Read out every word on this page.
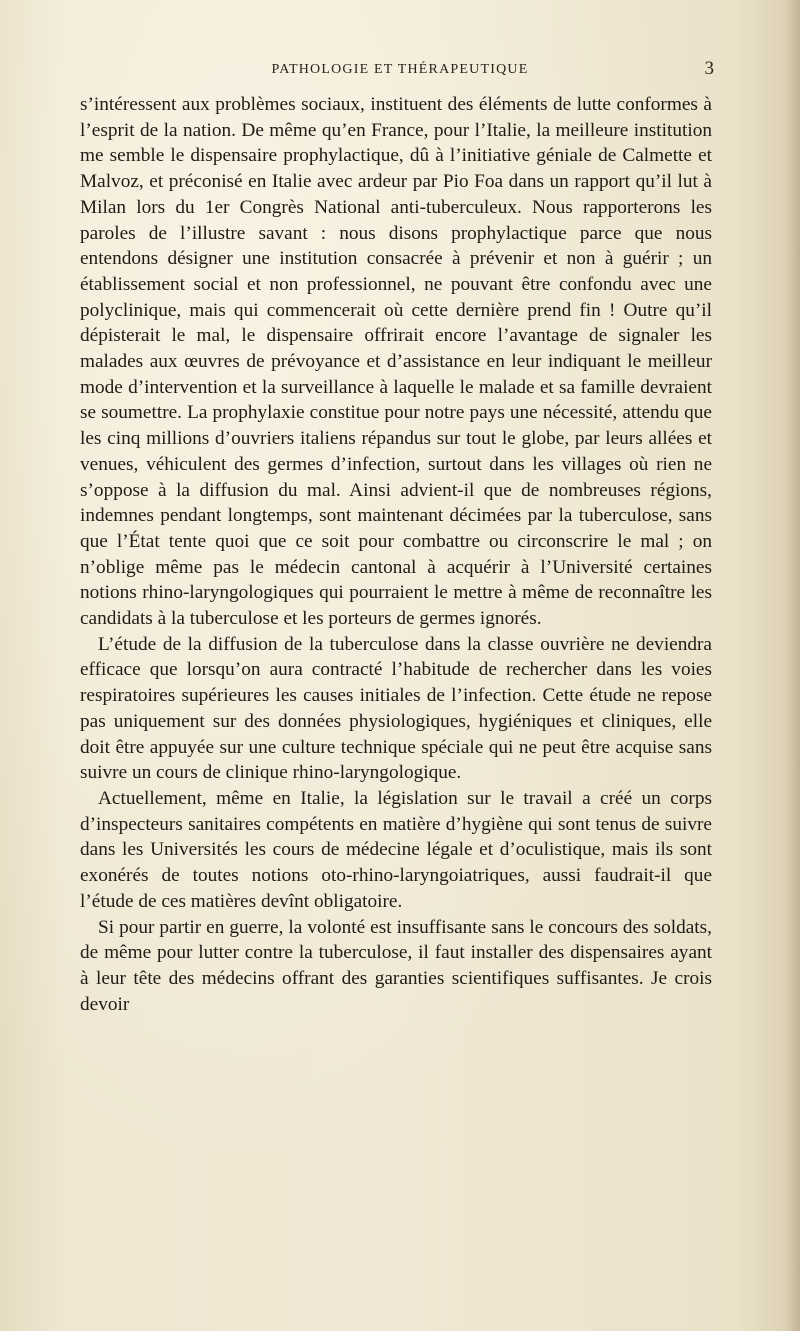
PATHOLOGIE ET THÉRAPEUTIQUE	3

s’intéressent aux problèmes sociaux, instituent des éléments de lutte conformes à l’esprit de la nation. De même qu’en France, pour l’Italie, la meilleure institution me semble le dispensaire prophylactique, dû à l’initiative géniale de Calmette et Malvoz, et préconisé en Italie avec ardeur par Pio Foa dans un rapport qu’il lut à Milan lors du 1er Congrès National anti-tuberculeux. Nous rapporterons les paroles de l’illustre savant : nous disons prophylactique parce que nous entendons désigner une institution consacrée à prévenir et non à guérir ; un établissement social et non professionnel, ne pouvant être confondu avec une polyclinique, mais qui commencerait où cette dernière prend fin ! Outre qu’il dépisterait le mal, le dispensaire offrirait encore l’avantage de signaler les malades aux œuvres de prévoyance et d’assistance en leur indiquant le meilleur mode d’intervention et la surveillance à laquelle le malade et sa famille devraient se soumettre. La prophylaxie constitue pour notre pays une nécessité, attendu que les cinq millions d’ouvriers italiens répandus sur tout le globe, par leurs allées et venues, véhiculent des germes d’infection, surtout dans les villages où rien ne s’oppose à la diffusion du mal. Ainsi advient-il que de nombreuses régions, indemnes pendant longtemps, sont maintenant décimées par la tuberculose, sans que l’État tente quoi que ce soit pour combattre ou circonscrire le mal ; on n’oblige même pas le médecin cantonal à acquérir à l’Université certaines notions rhino-laryngologiques qui pourraient le mettre à même de reconnaître les candidats à la tuberculose et les porteurs de germes ignorés.

L’étude de la diffusion de la tuberculose dans la classe ouvrière ne deviendra efficace que lorsqu’on aura contracté l’habitude de rechercher dans les voies respiratoires supérieures les causes initiales de l’infection. Cette étude ne repose pas uniquement sur des données physiologiques, hygiéniques et cliniques, elle doit être appuyée sur une culture technique spéciale qui ne peut être acquise sans suivre un cours de clinique rhino-laryngologique.

Actuellement, même en Italie, la législation sur le travail a créé un corps d’inspecteurs sanitaires compétents en matière d’hygiène qui sont tenus de suivre dans les Universités les cours de médecine légale et d’oculistique, mais ils sont exonérés de toutes notions oto-rhino-laryngoiatriques, aussi faudrait-il que l’étude de ces matières devînt obligatoire.

Si pour partir en guerre, la volonté est insuffisante sans le concours des soldats, de même pour lutter contre la tuberculose, il faut installer des dispensaires ayant à leur tête des médecins offrant des garanties scientifiques suffisantes. Je crois devoir
